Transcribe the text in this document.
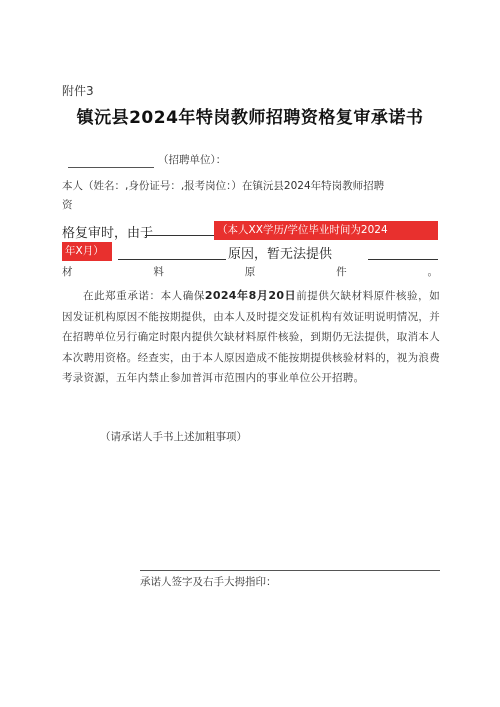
附件3
镇沅县2024年特岗教师招聘资格复审承诺书
（招聘单位）：
本人（姓名：,身份证号：,报考岗位：）在镇沅县2024年特岗教师招聘
资
格复审时，由于	（本人XX学历/学位毕业时间为2024
年X月）	原因，暂无法提供
材	料	原	件	。
在此郑重承诺：本人确保2024年8月20日前提供欠缺材料原件核验，如因发证机构原因不能按期提供，由本人及时提交发证机构有效证明说明情况，并在招聘单位另行确定时限内提供欠缺材料原件核验，到期仍无法提供，取消本人本次聘用资格。经查实，由于本人原因造成不能按期提供核验材料的，视为浪费考录资源，五年内禁止参加普洱市范围内的事业单位公开招聘。
（请承诺人手书上述加粗事项）
承诺人签字及右手大拇指印：
